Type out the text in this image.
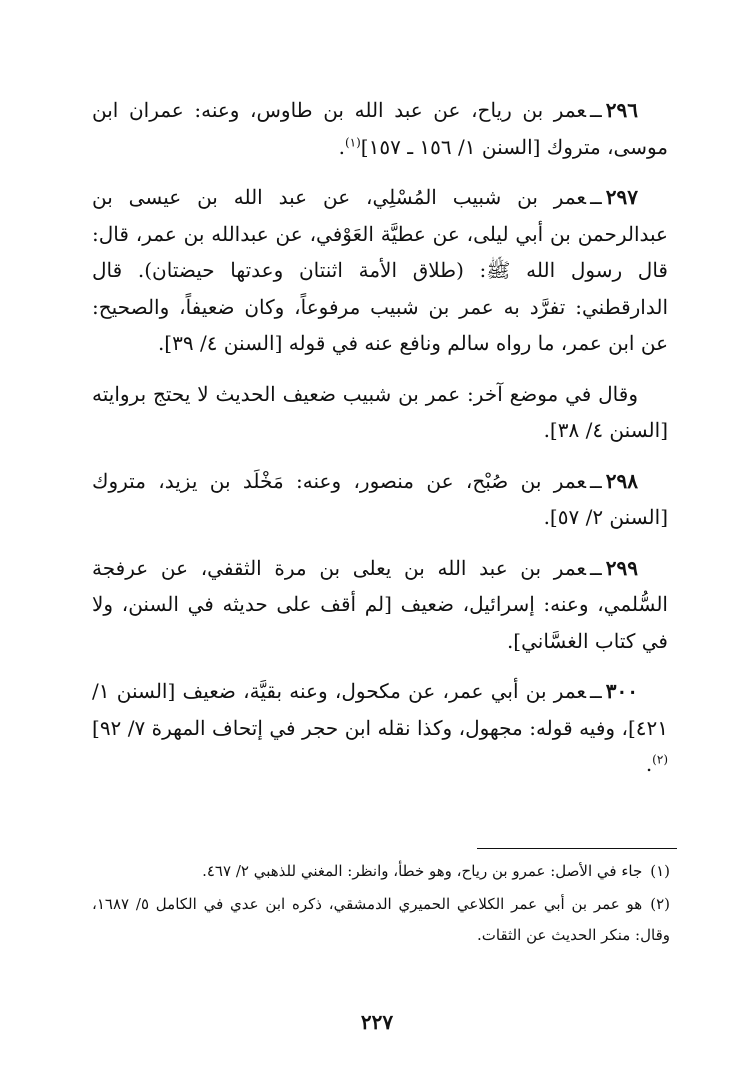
٢٩٦ــعمر بن رياح، عن عبد الله بن طاوس، وعنه: عمران ابن موسى، متروك [السنن ١/ ١٥٦ ـ ١٥٧]$^{(١)}$.

٢٩٧ــعمر بن شبيب المُسْلِي، عن عبد الله بن عيسى بن عبدالرحمن بن أبي ليلى، عن عطيَّة العَوْفي، عن عبدالله بن عمر، قال: قال رسول الله ﷺ: (طلاق الأمة اثنتان وعدتها حيضتان). قال الدارقطني: تفرَّد به عمر بن شبيب مرفوعاً، وكان ضعيفاً، والصحيح: عن ابن عمر، ما رواه سالم ونافع عنه في قوله [السنن ٤/ ٣٩].

وقال في موضع آخر: عمر بن شبيب ضعيف الحديث لا يحتج بروايته [السنن ٤/ ٣٨].

٢٩٨ــعمر بن صُبْح، عن منصور، وعنه: مَخْلَد بن يزيد، متروك [السنن ٢/ ٥٧].

٢٩٩ــعمر بن عبد الله بن يعلى بن مرة الثقفي، عن عرفجة السُّلمي، وعنه: إسرائيل، ضعيف [لم أقف على حديثه في السنن، ولا في كتاب الغسَّاني].

٣٠٠ــعمر بن أبي عمر، عن مكحول، وعنه بقيَّة، ضعيف [السنن ١/ ٤٢١]، وفيه قوله: مجهول، وكذا نقله ابن حجر في إتحاف المهرة ٧/ ٩٢]$^{(٢)}$.

(١)جاء في الأصل: عمرو بن رياح، وهو خطأ، وانظر: المغني للذهبي ٢/ ٤٦٧.

(٢)هو عمر بن أبي عمر الكلاعي الحميري الدمشقي، ذكره ابن عدي في الكامل ٥/ ١٦٨٧، وقال: منكر الحديث عن الثقات.

٢٢٧
